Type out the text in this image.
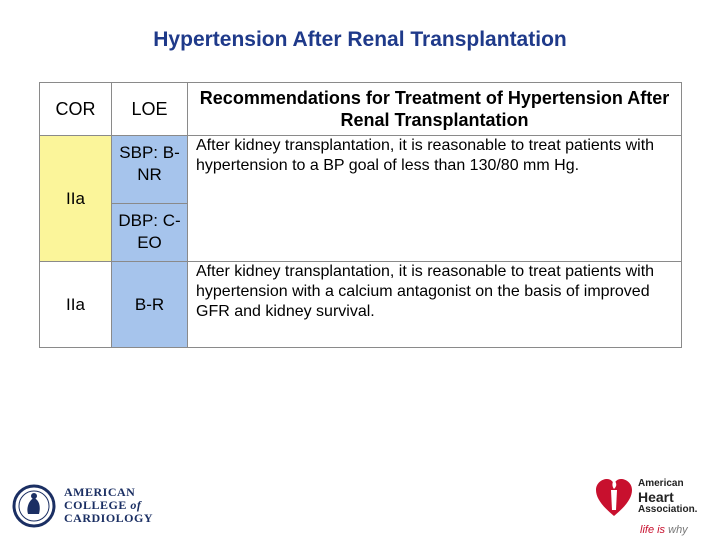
Hypertension After Renal Transplantation
COR	LOE	Recommendations for Treatment of Hypertension After Renal Transplantation
IIa	SBP: B-NR	After kidney transplantation, it is reasonable to treat patients with hypertension to a BP goal of less than 130/80 mm Hg.
	DBP: C-EO	
IIa	B-R	After kidney transplantation, it is reasonable to treat patients with hypertension with a calcium antagonist on the basis of improved GFR and kidney survival.
AMERICAN
COLLEGE of
CARDIOLOGY
American
Heart
Association.
life is why
